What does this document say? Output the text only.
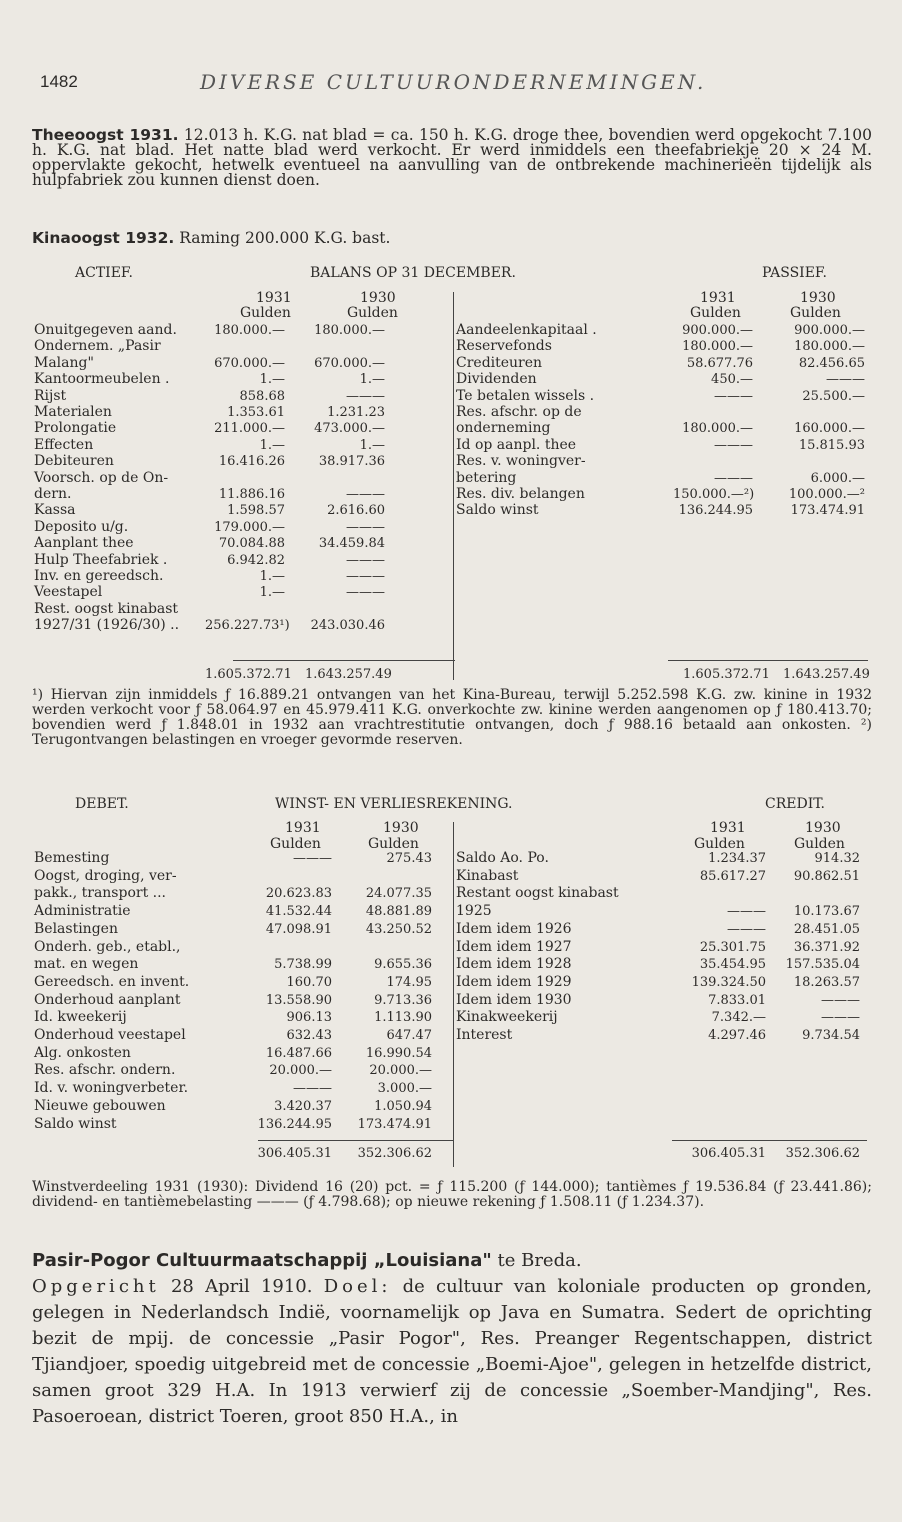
1482	DIVERSE CULTUURONDERNEMINGEN.
Theeoogst 1931. 12.013 h. K.G. nat blad = ca. 150 h. K.G. droge thee, bovendien werd opgekocht 7.100 h. K.G. nat blad. Het natte blad werd verkocht. Er werd inmiddels een theefabriekje 20 × 24 M. oppervlakte gekocht, hetwelk eventueel na aanvulling van de ontbrekende machinerieën tijdelijk als hulpfabriek zou kunnen dienst doen.
Kinaoogst 1932. Raming 200.000 K.G. bast.
ACTIEF.	BALANS OP 31 DECEMBER.	PASSIEF.
1931	1930
Gulden	Gulden
1931	1930
Gulden	Gulden
Onuitgegeven aand.	180.000.—	180.000.—
Ondernem. „Pasir
Malang"	670.000.—	670.000.—
Kantoormeubelen .	1.—	1.—
Rijst	858.68	———
Materialen	1.353.61	1.231.23
Prolongatie	211.000.—	473.000.—
Effecten	1.—	1.—
Debiteuren	16.416.26	38.917.36
Voorsch. op de On-
dern.	11.886.16	———
Kassa	1.598.57	2.616.60
Deposito u/g.	179.000.—	———
Aanplant thee	70.084.88	34.459.84
Hulp Theefabriek .	6.942.82	———
Inv. en gereedsch.	1.—	———
Veestapel	1.—	———
Rest. oogst kinabast
1927/31 (1926/30) .. 256.227.73¹)	243.030.46
Aandeelenkapitaal .	900.000.—	900.000.—
Reservefonds	180.000.—	180.000.—
Crediteuren	58.677.76	82.456.65
Dividenden	450.—	———
Te betalen wissels .	———	25.500.—
Res. afschr. op de
onderneming	180.000.—	160.000.—
Id op aanpl. thee	———	15.815.93
Res. v. woningver-
betering	———	6.000.—
Res. div. belangen	150.000.—²)	100.000.—²
Saldo winst	136.244.95	173.474.91
1.605.372.71 1.643.257.49	1.605.372.71 1.643.257.49
¹) Hiervan zijn inmiddels ƒ 16.889.21 ontvangen van het Kina-Bureau, terwijl 5.252.598 K.G. zw. kinine in 1932 werden verkocht voor ƒ 58.064.97 en 45.979.411 K.G. onverkochte zw. kinine werden aangenomen op ƒ 180.413.70; bovendien werd ƒ 1.848.01 in 1932 aan vrachtrestitutie ontvangen, doch ƒ 988.16 betaald aan onkosten. ²) Terugontvangen belastingen en vroeger gevormde reserven.
DEBET.	WINST- EN VERLIESREKENING.	CREDIT.
1931	1930
Gulden	Gulden
1931	1930
Gulden	Gulden
Bemesting	———	275.43
Oogst, droging, ver-
pakk., transport ...	20.623.83	24.077.35
Administratie	41.532.44	48.881.89
Belastingen	47.098.91	43.250.52
Onderh. geb., etabl.,
mat. en wegen	5.738.99	9.655.36
Gereedsch. en invent.	160.70	174.95
Onderhoud aanplant	13.558.90	9.713.36
Id. kweekerij	906.13	1.113.90
Onderhoud veestapel	632.43	647.47
Alg. onkosten	16.487.66	16.990.54
Res. afschr. ondern.	20.000.—	20.000.—
Id. v. woningverbeter.	———	3.000.—
Nieuwe gebouwen	3.420.37	1.050.94
Saldo winst	136.244.95	173.474.91
Saldo Ao. Po.	1.234.37	914.32
Kinabast	85.617.27	90.862.51
Restant oogst kinabast
1925	———	10.173.67
Idem idem 1926	———	28.451.05
Idem idem 1927	25.301.75	36.371.92
Idem idem 1928	35.454.95	157.535.04
Idem idem 1929	139.324.50	18.263.57
Idem idem 1930	7.833.01	———
Kinakweekerij	7.342.—	———
Interest	4.297.46	9.734.54
306.405.31	352.306.62	306.405.31	352.306.62
Winstverdeeling 1931 (1930): Dividend 16 (20) pct. = ƒ 115.200 (ƒ 144.000); tantièmes ƒ 19.536.84 (ƒ 23.441.86); dividend- en tantièmebelasting ——— (ƒ 4.798.68); op nieuwe rekening ƒ 1.508.11 (ƒ 1.234.37).
Pasir-Pogor Cultuurmaatschappij „Louisiana" te Breda.
Opgericht 28 April 1910. Doel: de cultuur van koloniale producten op gronden, gelegen in Nederlandsch Indië, voornamelijk op Java en Sumatra. Sedert de oprichting bezit de mpij. de concessie „Pasir Pogor", Res. Preanger Regentschappen, district Tjiandjoer, spoedig uitgebreid met de concessie „Boemi-Ajoe", gelegen in hetzelfde district, samen groot 329 H.A. In 1913 verwierf zij de concessie „Soember-Mandjing", Res. Pasoeroean, district Toeren, groot 850 H.A., in
